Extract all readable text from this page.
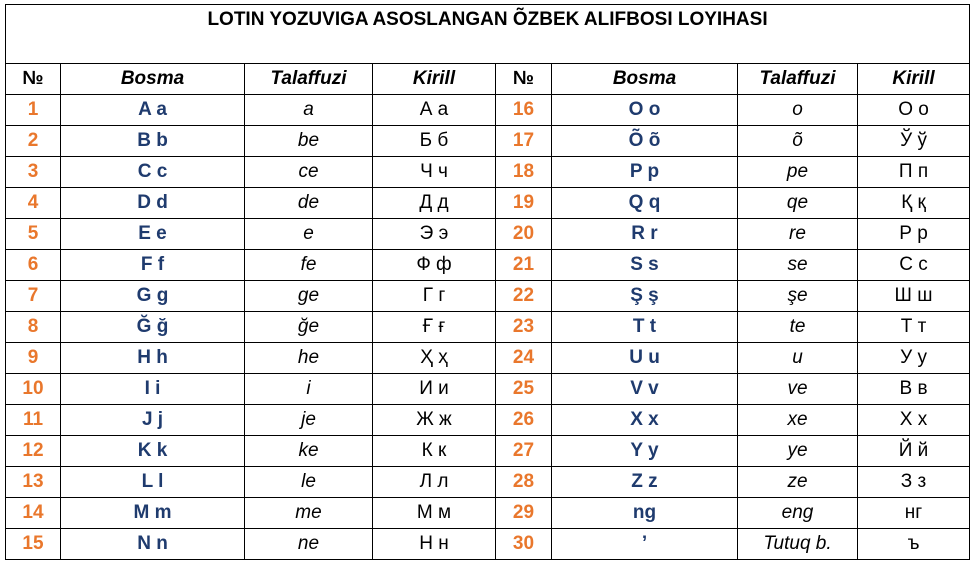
LOTIN YOZUVIGA ASOSLANGAN ÕZBEK ALIFBOSI LOYIHASI							

№	Bosma	Talaffuzi	Kirill	№	Bosma	Talaffuzi	Kirill
1	A a	a	А а	16	O o	o	О о
2	B b	be	Б б	17	Õ õ	õ	Ў ў
3	C c	ce	Ч ч	18	P p	pe	П п
4	D d	de	Д д	19	Q q	qe	Қ қ
5	E e	e	Э э	20	R r	re	Р р
6	F f	fe	Ф ф	21	S s	se	С с
7	G g	ge	Г г	22	Ş ş	şe	Ш ш
8	Ğ ğ	ğe	Ғ ғ	23	T t	te	Т т
9	H h	he	Ҳ ҳ	24	U u	u	У у
10	I i	i	И и	25	V v	ve	В в
11	J j	je	Ж ж	26	X x	xe	Х х
12	K k	ke	К к	27	Y y	ye	Й й
13	L l	le	Л л	28	Z z	ze	З з
14	M m	me	М м	29	ng	eng	нг
15	N n	ne	Н н	30	’	Tutuq b.	ъ
